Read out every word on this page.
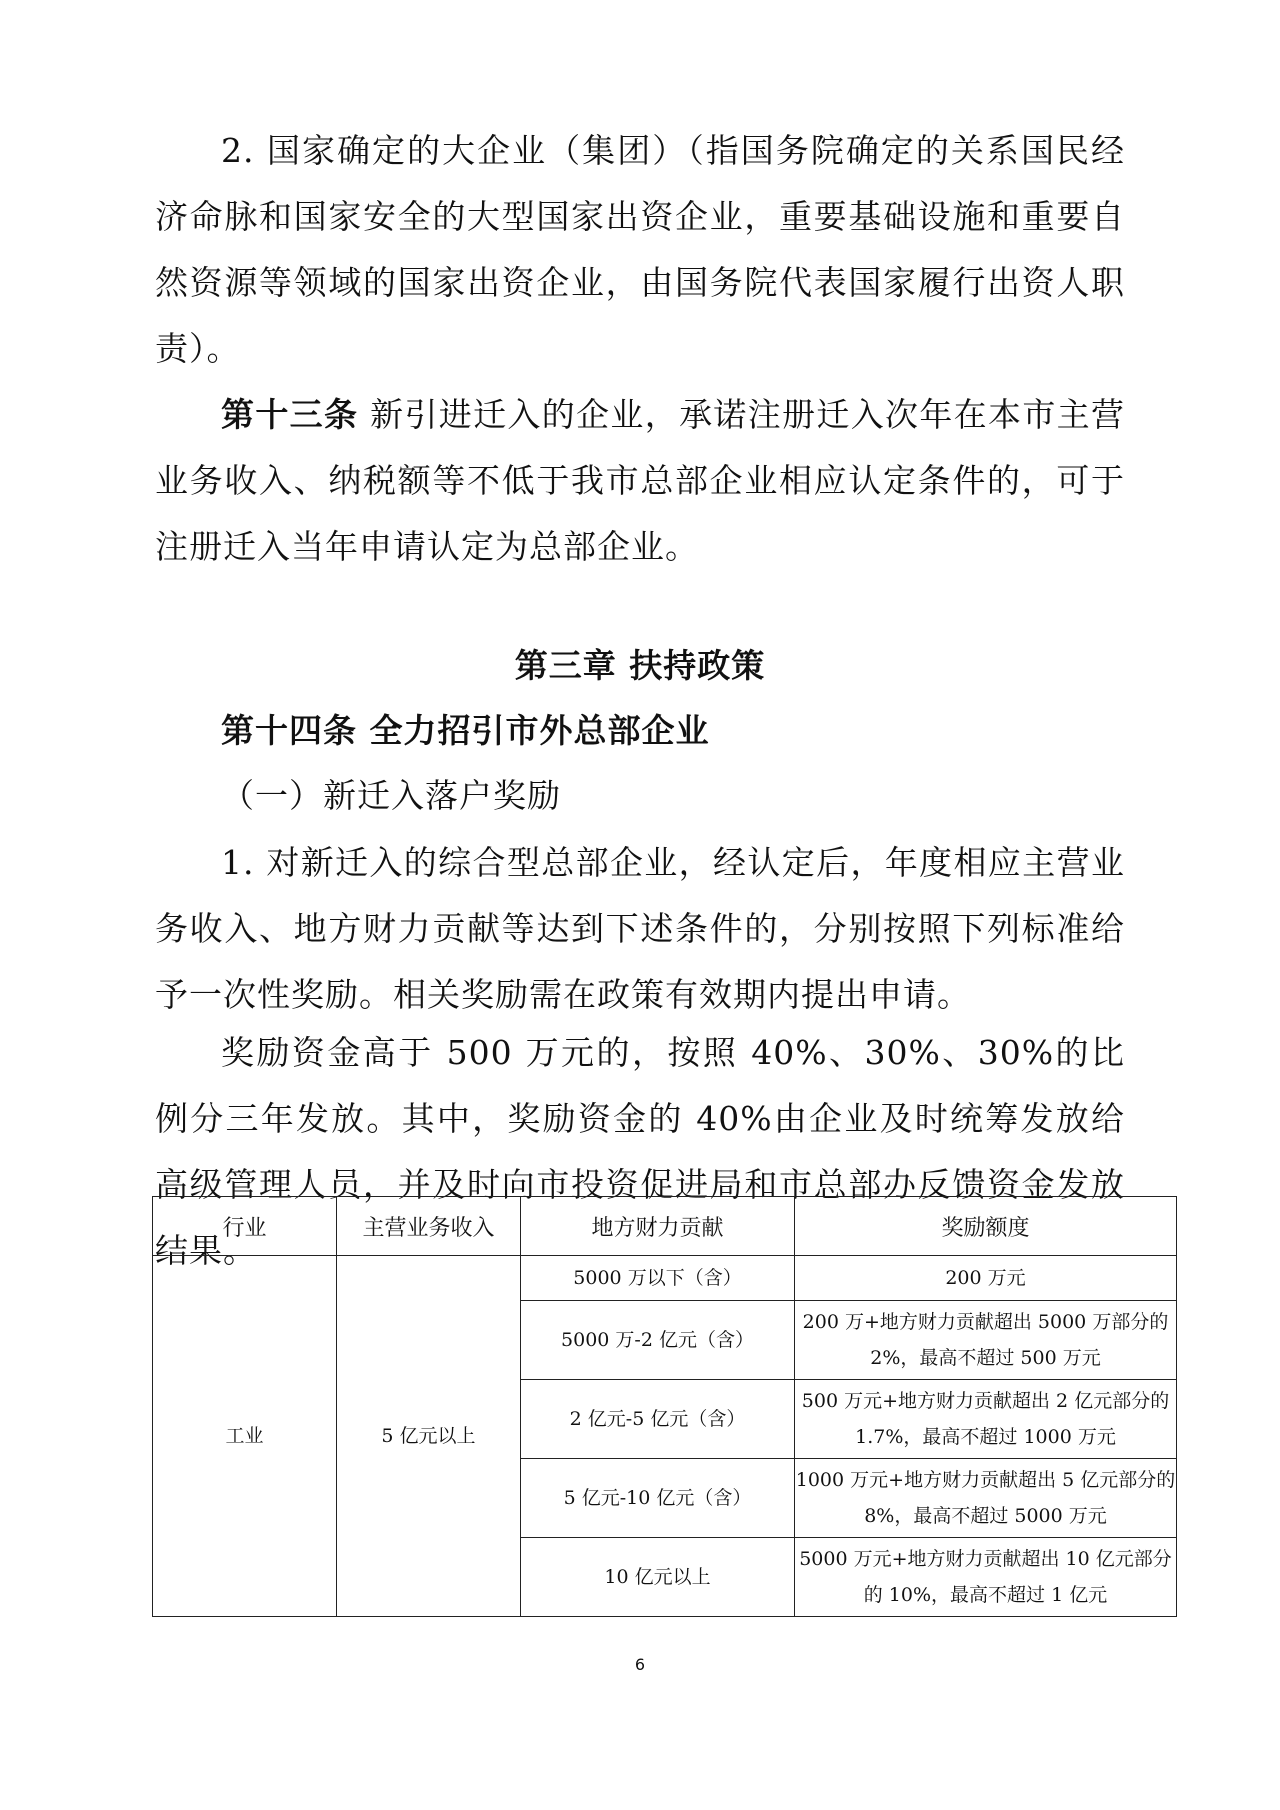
2. 国家确定的大企业（集团）（指国务院确定的关系国民经济命脉和国家安全的大型国家出资企业，重要基础设施和重要自然资源等领域的国家出资企业，由国务院代表国家履行出资人职责）。

第十三条 新引进迁入的企业，承诺注册迁入次年在本市主营业务收入、纳税额等不低于我市总部企业相应认定条件的，可于注册迁入当年申请认定为总部企业。

第三章 扶持政策
第十四条 全力招引市外总部企业

（一）新迁入落户奖励

1. 对新迁入的综合型总部企业，经认定后，年度相应主营业务收入、地方财力贡献等达到下述条件的，分别按照下列标准给予一次性奖励。相关奖励需在政策有效期内提出申请。

奖励资金高于 500 万元的，按照 40%、30%、30%的比例分三年发放。其中，奖励资金的 40%由企业及时统筹发放给高级管理人员，并及时向市投资促进局和市总部办反馈资金发放结果。

行业	主营业务收入	地方财力贡献	奖励额度
工业	5 亿元以上	5000 万以下（含）	200 万元
		5000 万-2 亿元（含）	200 万+地方财力贡献超出 5000 万部分的 2%，最高不超过 500 万元
		2 亿元-5 亿元（含）	500 万元+地方财力贡献超出 2 亿元部分的 1.7%，最高不超过 1000 万元
		5 亿元-10 亿元（含）	1000 万元+地方财力贡献超出 5 亿元部分的 8%，最高不超过 5000 万元
		10 亿元以上	5000 万元+地方财力贡献超出 10 亿元部分的 10%，最高不超过 1 亿元
6
